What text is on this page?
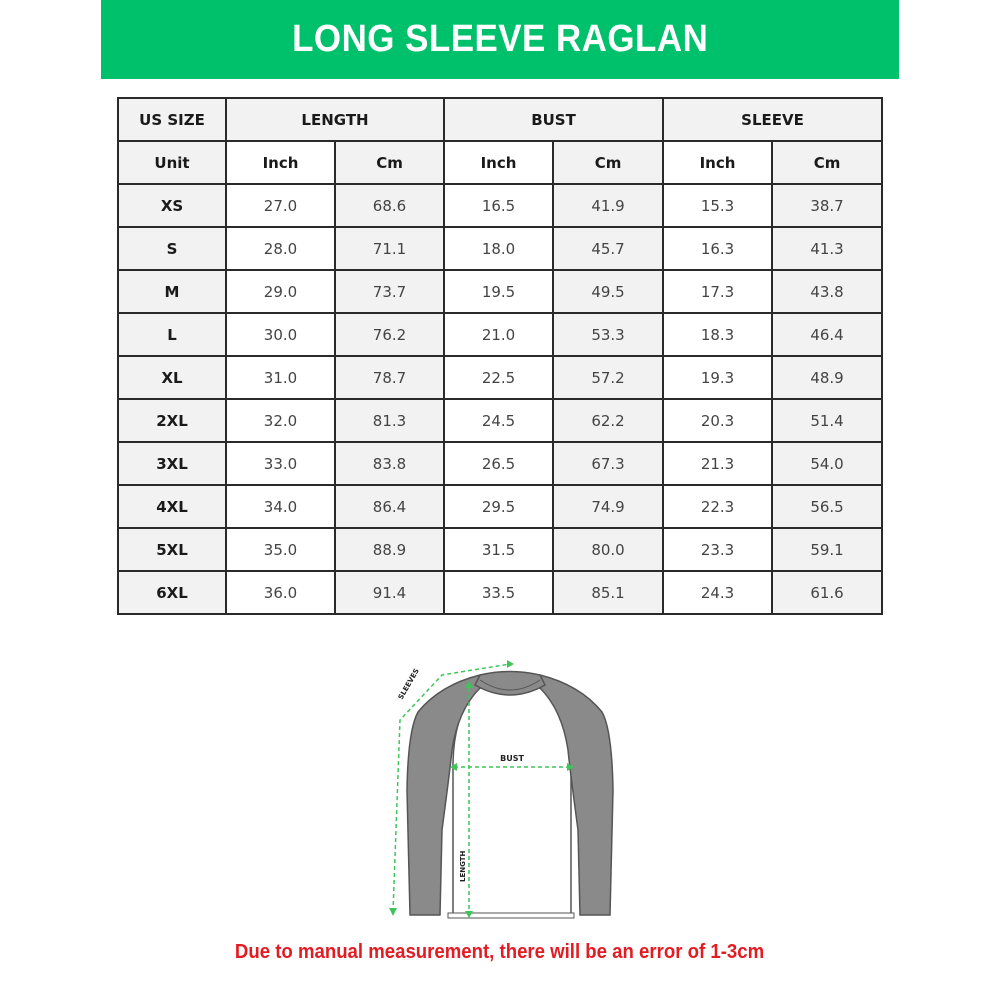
LONG SLEEVE RAGLAN
US SIZE	LENGTH		BUST		SLEEVE	
Unit	Inch	Cm	Inch	Cm	Inch	Cm
XS	27.0	68.6	16.5	41.9	15.3	38.7
S	28.0	71.1	18.0	45.7	16.3	41.3
M	29.0	73.7	19.5	49.5	17.3	43.8
L	30.0	76.2	21.0	53.3	18.3	46.4
XL	31.0	78.7	22.5	57.2	19.3	48.9
2XL	32.0	81.3	24.5	62.2	20.3	51.4
3XL	33.0	83.8	26.5	67.3	21.3	54.0
4XL	34.0	86.4	29.5	74.9	22.3	56.5
5XL	35.0	88.9	31.5	80.0	23.3	59.1
6XL	36.0	91.4	33.5	85.1	24.3	61.6
SLEEVES
BUST
LENGTH
Due to manual measurement, there will be an error of 1-3cm
